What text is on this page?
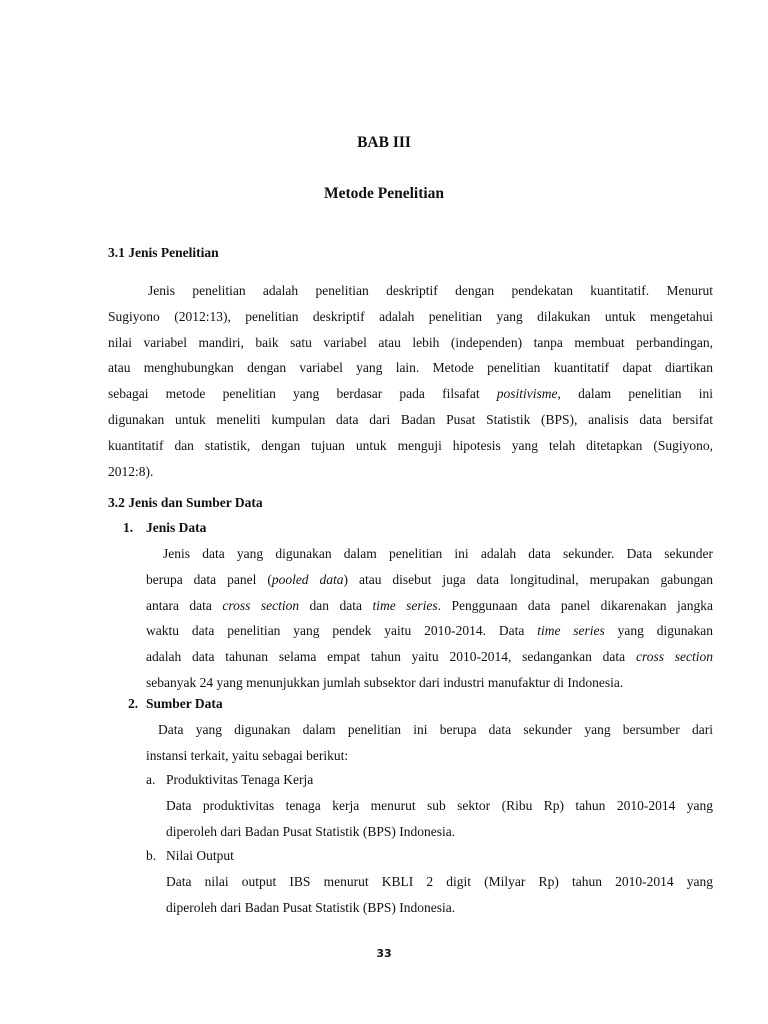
BAB III
Metode Penelitian
3.1 Jenis Penelitian
Jenis penelitian adalah penelitian deskriptif dengan pendekatan kuantitatif. Menurut
Sugiyono (2012:13), penelitian deskriptif adalah penelitian yang dilakukan untuk mengetahui
nilai variabel mandiri, baik satu variabel atau lebih (independen) tanpa membuat perbandingan,
atau menghubungkan dengan variabel yang lain. Metode penelitian kuantitatif dapat diartikan
sebagai metode penelitian yang berdasar pada filsafat positivisme, dalam penelitian ini
digunakan untuk meneliti kumpulan data dari Badan Pusat Statistik (BPS), analisis data bersifat
kuantitatif dan statistik, dengan tujuan untuk menguji hipotesis yang telah ditetapkan (Sugiyono,
2012:8).
3.2 Jenis dan Sumber Data
1. Jenis Data
Jenis data yang digunakan dalam penelitian ini adalah data sekunder. Data sekunder
berupa data panel (pooled data) atau disebut juga data longitudinal, merupakan gabungan
antara data cross section dan data time series. Penggunaan data panel dikarenakan jangka
waktu data penelitian yang pendek yaitu 2010-2014. Data time series yang digunakan
adalah data tahunan selama empat tahun yaitu 2010-2014, sedangankan data cross section
sebanyak 24 yang menunjukkan jumlah subsektor dari industri manufaktur di Indonesia.
2. Sumber Data
Data yang digunakan dalam penelitian ini berupa data sekunder yang bersumber dari
instansi terkait, yaitu sebagai berikut:
a. Produktivitas Tenaga Kerja
Data produktivitas tenaga kerja menurut sub sektor (Ribu Rp) tahun 2010-2014 yang
diperoleh dari Badan Pusat Statistik (BPS) Indonesia.
b. Nilai Output
Data nilai output IBS menurut KBLI 2 digit (Milyar Rp) tahun 2010-2014 yang
diperoleh dari Badan Pusat Statistik (BPS) Indonesia.
33
